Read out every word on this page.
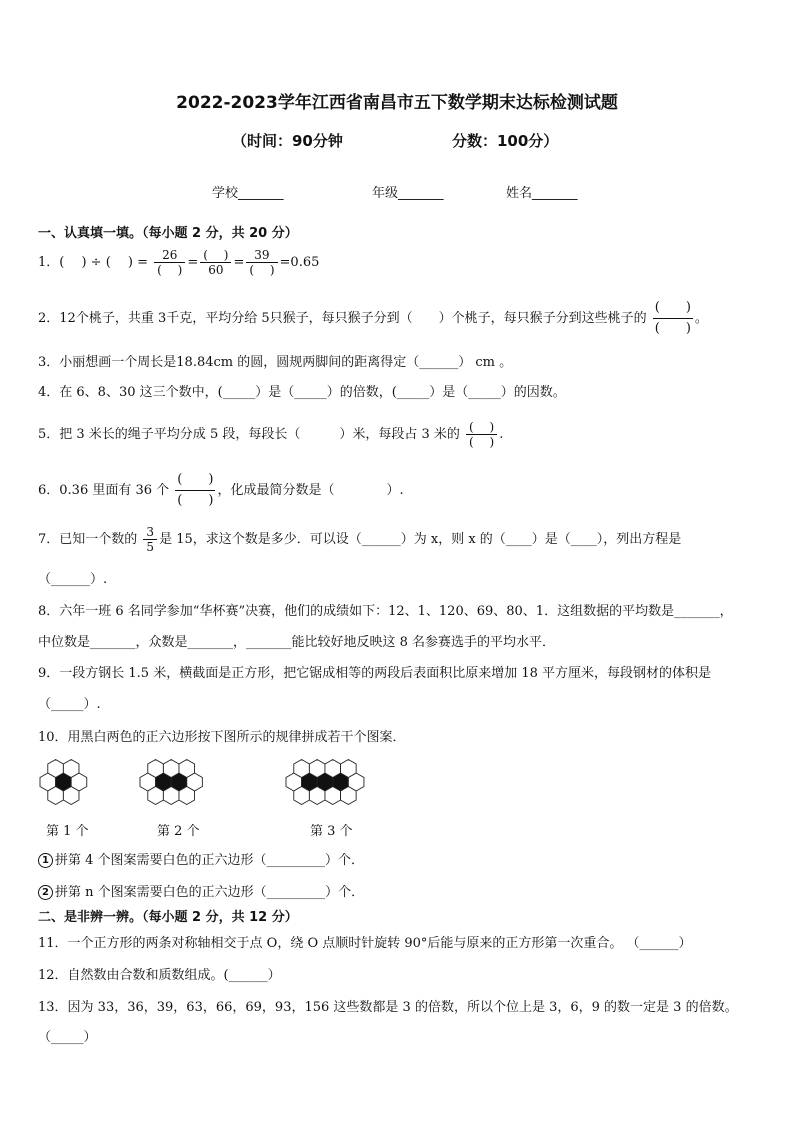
2022-2023学年江西省南昌市五下数学期末达标检测试题
（时间：90分钟	分数：100分）
学校_______	年级_______	姓名_______
一、认真填一填。（每小题 2 分，共 20 分）
1．(　 ) ÷ (　 ) = $\frac{26}{( )} = \frac{( )}{60} = \frac{39}{( )} =0.65$
2．12个桃子，共重 3千克，平均分给 5只猴子，每只猴子分到（　　）个桃子，每只猴子分到这些桃子的
(　　)
(　　)
。
3．小丽想画一个周长是18.84cm 的圆，圆规两脚间的距离得定（______） cm 。
4．在 6、8、30 这三个数中，(_____）是（_____）的倍数，(_____）是（_____）的因数。
5．把 3 米长的绳子平均分成 5 段，每段长（　　　）米，每段占 3 米的 $\frac{( )}{( )}$ .
6．0.36 里面有 36 个
(　　)
(　　)
，化成最简分数是（　　　　）.
7．已知一个数的 $\frac{3}{5}$ 是 15，求这个数是多少．可以设（______）为 x，则 x 的（____）是（____），列出方程是
（______）.
8．六年一班 6 名同学参加“华杯赛”决赛，他们的成绩如下：12、1、120、69、80、1．这组数据的平均数是_______，
中位数是_______，众数是_______，_______能比较好地反映这 8 名参赛选手的平均水平．
9．一段方钢长 1.5 米，横截面是正方形，把它锯成相等的两段后表面积比原来增加 18 平方厘米，每段钢材的体积是
（_____）.
10．用黑白两色的正六边形按下图所示的规律拼成若干个图案．
第 1 个	第 2 个	第 3 个
1 拼第 4 个图案需要白色的正六边形（_________）个．
2 拼第 n 个图案需要白色的正六边形（_________）个．
二、是非辨一辨。（每小题 2 分，共 12 分）
11．一个正方形的两条对称轴相交于点 O，绕 O 点顺时针旋转 90°后能与原来的正方形第一次重合。 （______）
12．自然数由合数和质数组成。(______）
13．因为 33，36，39，63，66，69，93，156 这些数都是 3 的倍数，所以个位上是 3，6，9 的数一定是 3 的倍数。
（_____）
